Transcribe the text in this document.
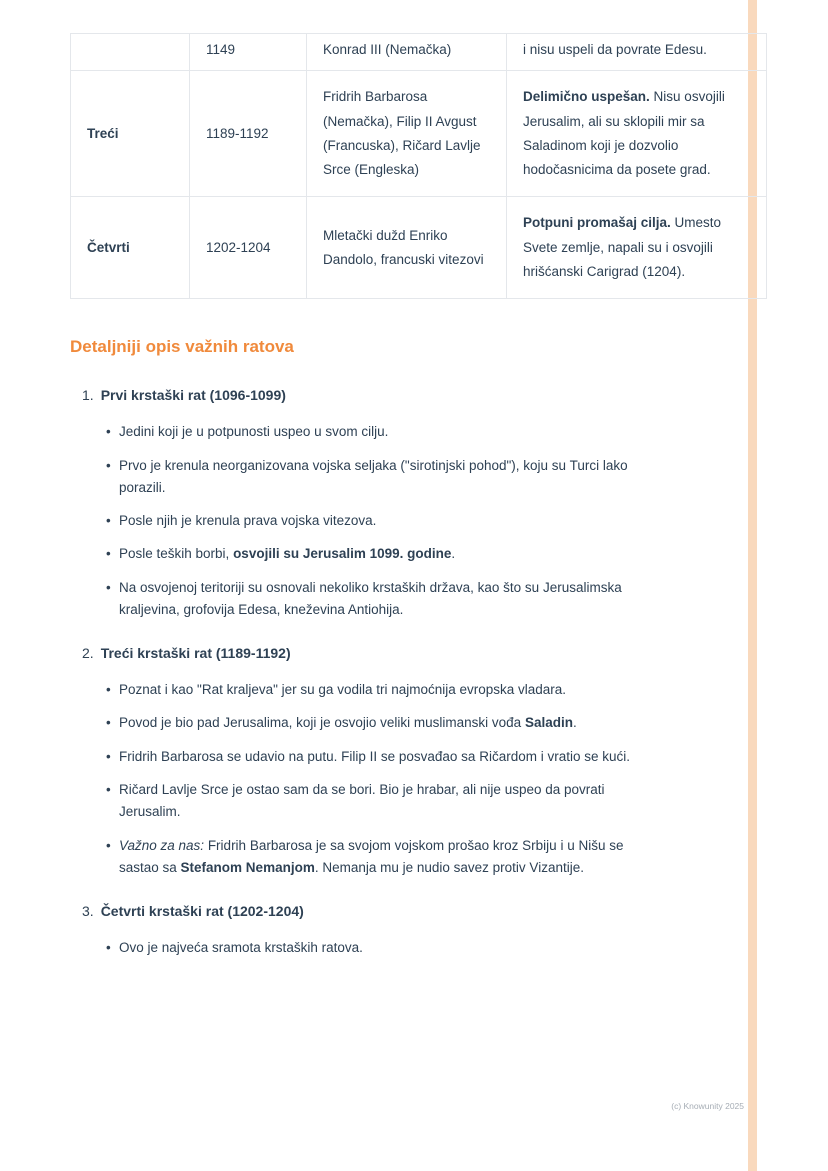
	1149	Konrad III (Nemačka)	i nisu uspeli da povrate Edesu.
Treći	1189-1192	Fridrih Barbarosa (Nemačka), Filip II Avgust (Francuska), Ričard Lavlje Srce (Engleska)	Delimično uspešan. Nisu osvojili Jerusalim, ali su sklopili mir sa Saladinom koji je dozvolio hodočasnicima da posete grad.
Četvrti	1202-1204	Mletački dužd Enriko Dandolo, francuski vitezovi	Potpuni promašaj cilja. Umesto Svete zemlje, napali su i osvojili hrišćanski Carigrad (1204).
Detaljniji opis važnih ratova
1. Prvi krstaški rat (1096-1099)
• Jedini koji je u potpunosti uspeo u svom cilju.
• Prvo je krenula neorganizovana vojska seljaka ("sirotinjski pohod"), koju su Turci lako porazili.
• Posle njih je krenula prava vojska vitezova.
• Posle teških borbi, osvojili su Jerusalim 1099. godine.
• Na osvojenoj teritoriji su osnovali nekoliko krstaških država, kao što su Jerusalimska kraljevina, grofovija Edesa, kneževina Antiohija.
2. Treći krstaški rat (1189-1192)
• Poznat i kao "Rat kraljeva" jer su ga vodila tri najmoćnija evropska vladara.
• Povod je bio pad Jerusalima, koji je osvojio veliki muslimanski vođa Saladin.
• Fridrih Barbarosa se udavio na putu. Filip II se posvađao sa Ričardom i vratio se kući.
• Ričard Lavlje Srce je ostao sam da se bori. Bio je hrabar, ali nije uspeo da povrati Jerusalim.
• Važno za nas: Fridrih Barbarosa je sa svojom vojskom prošao kroz Srbiju i u Nišu se sastao sa Stefanom Nemanjom. Nemanja mu je nudio savez protiv Vizantije.
3. Četvrti krstaški rat (1202-1204)
• Ovo je najveća sramota krstaških ratova.
(c) Knowunity 2025
